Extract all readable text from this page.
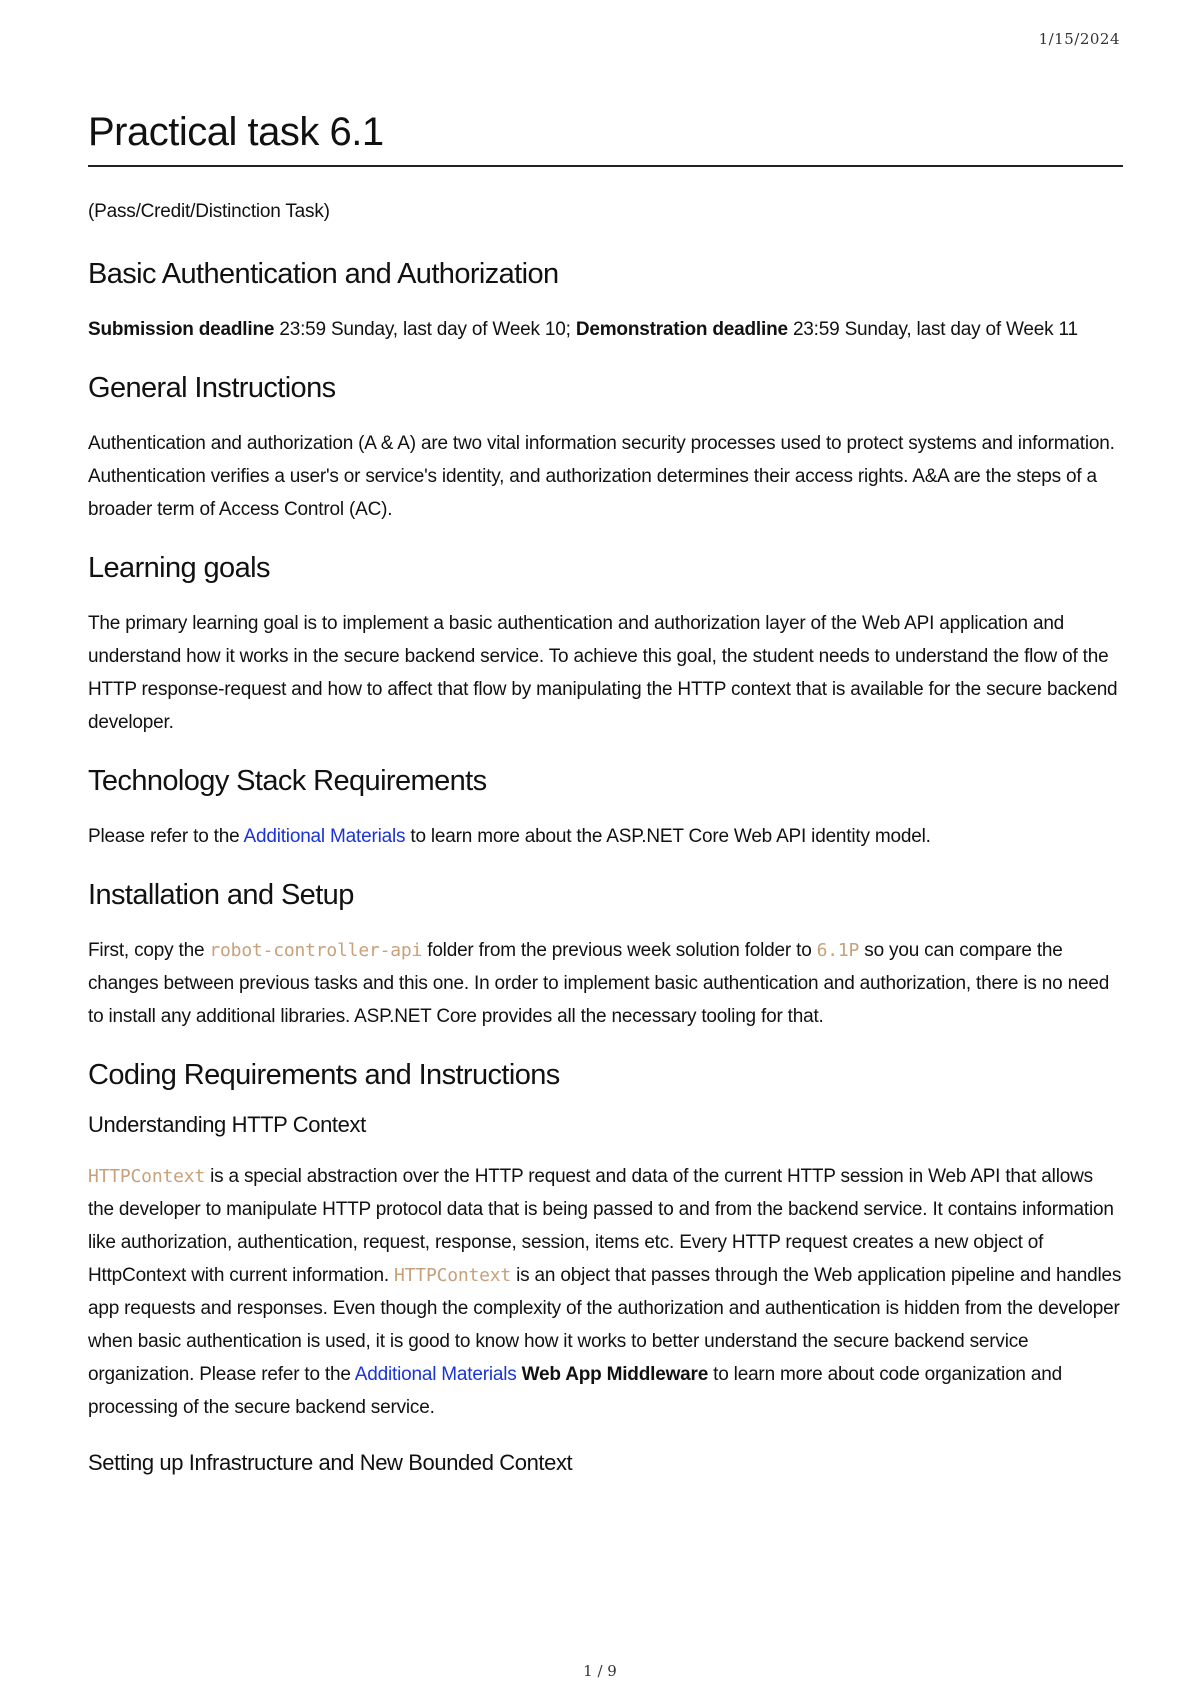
1/15/2024
Practical task 6.1

(Pass/Credit/Distinction Task)

Basic Authentication and Authorization

Submission deadline 23:59 Sunday, last day of Week 10; Demonstration deadline 23:59 Sunday, last day of Week 11

General Instructions

Authentication and authorization (A & A) are two vital information security processes used to protect systems and information. Authentication verifies a user's or service's identity, and authorization determines their access rights. A&A are the steps of a broader term of Access Control (AC).

Learning goals

The primary learning goal is to implement a basic authentication and authorization layer of the Web API application and understand how it works in the secure backend service. To achieve this goal, the student needs to understand the flow of the HTTP response-request and how to affect that flow by manipulating the HTTP context that is available for the secure backend developer.

Technology Stack Requirements

Please refer to the Additional Materials to learn more about the ASP.NET Core Web API identity model.

Installation and Setup

First, copy the robot-controller-api folder from the previous week solution folder to 6.1P so you can compare the changes between previous tasks and this one. In order to implement basic authentication and authorization, there is no need to install any additional libraries. ASP.NET Core provides all the necessary tooling for that.

Coding Requirements and Instructions
Understanding HTTP Context

HTTPContext is a special abstraction over the HTTP request and data of the current HTTP session in Web API that allows the developer to manipulate HTTP protocol data that is being passed to and from the backend service. It contains information like authorization, authentication, request, response, session, items etc. Every HTTP request creates a new object of HttpContext with current information. HTTPContext is an object that passes through the Web application pipeline and handles app requests and responses. Even though the complexity of the authorization and authentication is hidden from the developer when basic authentication is used, it is good to know how it works to better understand the secure backend service organization. Please refer to the Additional Materials Web App Middleware to learn more about code organization and processing of the secure backend service.

Setting up Infrastructure and New Bounded Context
1 / 9
